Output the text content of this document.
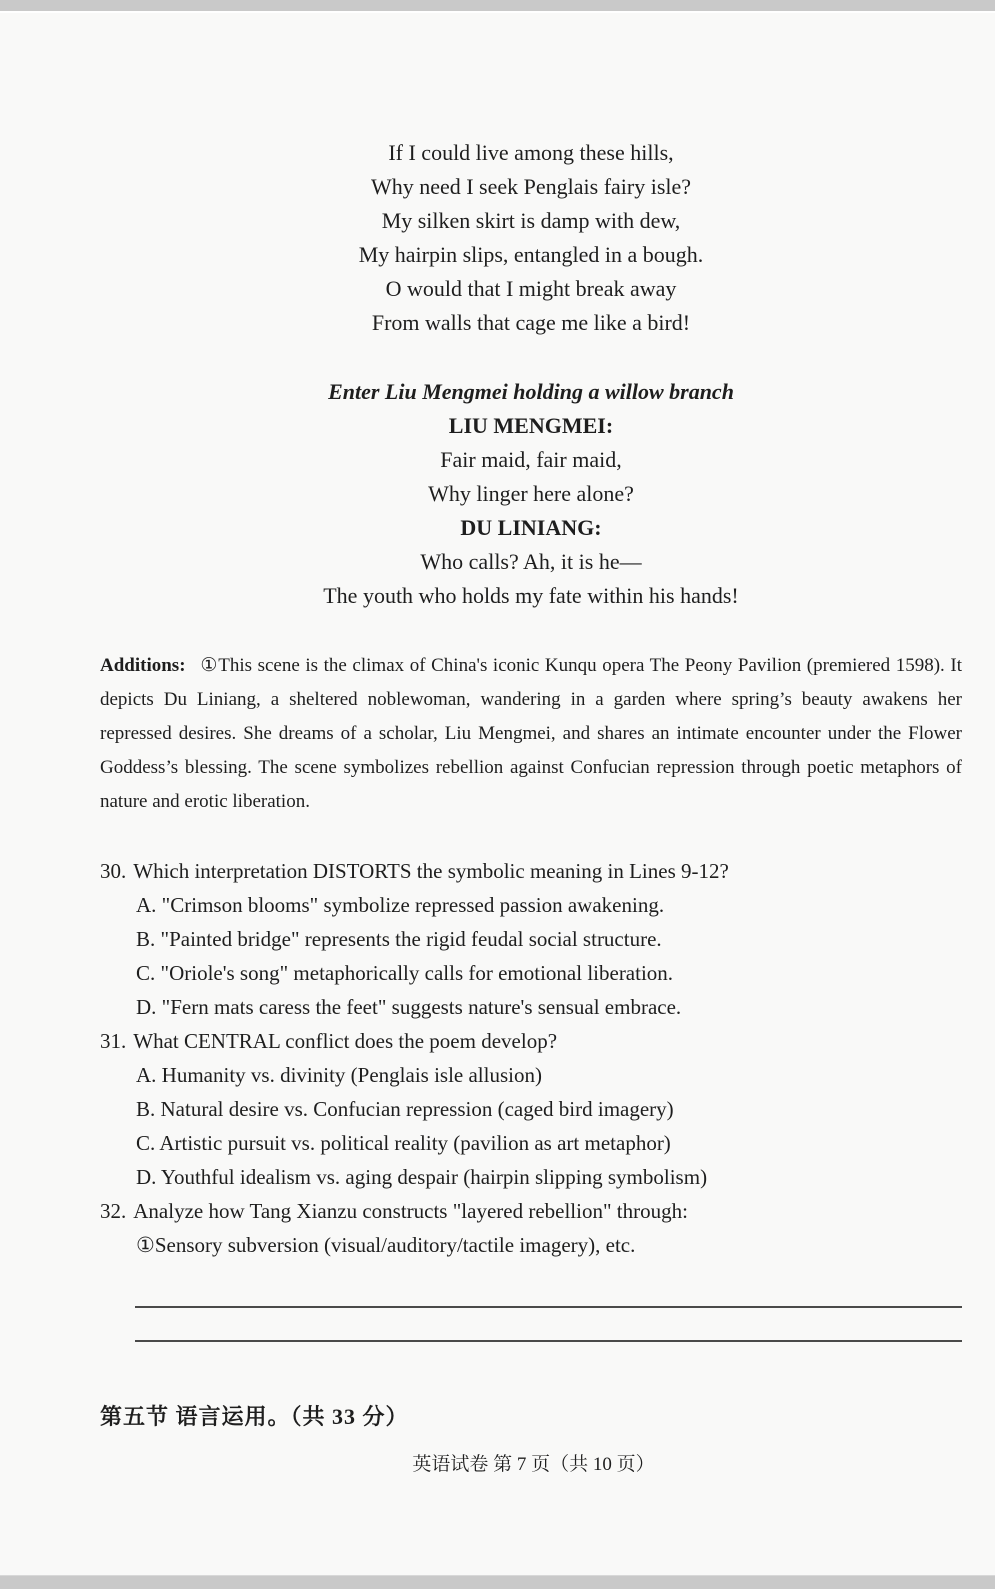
If I could live among these hills,
Why need I seek Penglais fairy isle?
My silken skirt is damp with dew,
My hairpin slips, entangled in a bough.
O would that I might break away
From walls that cage me like a bird!
Enter Liu Mengmei holding a willow branch
LIU MENGMEI:
Fair maid, fair maid,
Why linger here alone?
DU LINIANG:
Who calls? Ah, it is he—
The youth who holds my fate within his hands!

Additions: ①This scene is the climax of China's iconic Kunqu opera The Peony Pavilion (premiered 1598). It depicts Du Liniang, a sheltered noblewoman, wandering in a garden where spring’s beauty awakens her repressed desires. She dreams of a scholar, Liu Mengmei, and shares an intimate encounter under the Flower Goddess’s blessing. The scene symbolizes rebellion against Confucian repression through poetic metaphors of nature and erotic liberation.

30. Which interpretation DISTORTS the symbolic meaning in Lines 9-12?
A. "Crimson blooms" symbolize repressed passion awakening.
B. "Painted bridge" represents the rigid feudal social structure.
C. "Oriole's song" metaphorically calls for emotional liberation.
D. "Fern mats caress the feet" suggests nature's sensual embrace.
31. What CENTRAL conflict does the poem develop?
A. Humanity vs. divinity (Penglais isle allusion)
B. Natural desire vs. Confucian repression (caged bird imagery)
C. Artistic pursuit vs. political reality (pavilion as art metaphor)
D. Youthful idealism vs. aging despair (hairpin slipping symbolism)
32. Analyze how Tang Xianzu constructs "layered rebellion" through:
①Sensory subversion (visual/auditory/tactile imagery), etc.
第五节 语言运用。（共 33 分）
英语试卷 第 7 页（共 10 页）
